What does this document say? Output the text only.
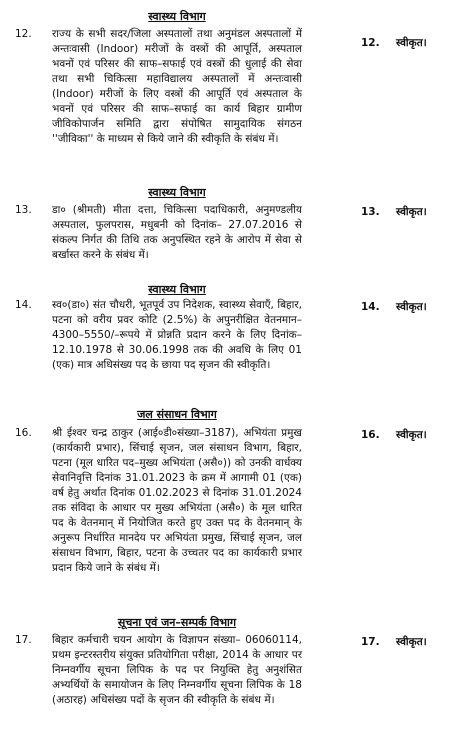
स्वास्थ्य विभाग
12. राज्य के सभी सदर/जिला अस्पतालों तथा अनुमंडल अस्पतालों में अन्तःवासी (Indoor) मरीजों के वस्त्रों की आपूर्ति, अस्पताल भवनों एवं परिसर की साफ–सफाई एवं वस्त्रों की धुलाई की सेवा तथा सभी चिकित्सा महाविद्यालय अस्पतालों में अन्तःवासी (Indoor) मरीजों के लिए वस्त्रों की आपूर्ति एवं अस्पताल के भवनों एवं परिसर की साफ–सफाई का कार्य बिहार ग्रामीण जीविकोपार्जन समिति द्वारा संपोषित सामुदायिक संगठन ''जीविका'' के माध्यम से किये जाने की स्वीकृति के संबंध में।
12. स्वीकृत।
स्वास्थ्य विभाग
13. डा० (श्रीमती) मीता दत्ता, चिकित्सा पदाधिकारी, अनुमण्डलीय अस्पताल, फुलपरास, मधुबनी को दिनांक– 27.07.2016 से संकल्प निर्गत की तिथि तक अनुपस्थित रहने के आरोप में सेवा से बर्खास्त करने के संबंध में।
13. स्वीकृत।
स्वास्थ्य विभाग
14. स्व०(डा०) संत चौधरी, भूतपूर्व उप निदेशक, स्वास्थ्य सेवाएँ, बिहार, पटना को वरीय प्रवर कोटि (2.5%) के अपुनरीक्षित वेतनमान– 4300–5550/–रूपये में प्रोन्नति प्रदान करने के लिए दिनांक–12.10.1978 से 30.06.1998 तक की अवधि के लिए 01 (एक) मात्र अधिसंख्य पद के छाया पद सृजन की स्वीकृति।
14. स्वीकृत।
जल संसाधन विभाग
16. श्री ईश्वर चन्द्र ठाकुर (आई०डी०संख्या–3187), अभियंता प्रमुख (कार्यकारी प्रभार), सिंचाई सृजन, जल संसाधन विभाग, बिहार, पटना (मूल धारित पद–मुख्य अभियंता (असै०)) को उनकी वार्धक्य सेवानिवृत्ति दिनांक 31.01.2023 के क्रम में आगामी 01 (एक) वर्ष हेतु अर्थात दिनांक 01.02.2023 से दिनांक 31.01.2024 तक संविदा के आधार पर मुख्य अभियंता (असै०) के मूल धारित पद के वेतनमान् में नियोजित करते हुए उक्त पद के वेतनमान् के अनुरूप निर्धारित मानदेय पर अभियंता प्रमुख, सिंचाई सृजन, जल संसाधन विभाग, बिहार, पटना के उच्चतर पद का कार्यकारी प्रभार प्रदान किये जाने के संबंध में।
16. स्वीकृत।
सूचना एवं जन–सम्पर्क विभाग
17. बिहार कर्मचारी चयन आयोग के विज्ञापन संख्या– 06060114, प्रथम इन्टरस्तरीय संयुक्त प्रतियोगिता परीक्षा, 2014 के आधार पर निम्नवर्गीय सूचना लिपिक के पद पर नियुक्ति हेतु अनुशंसित अभ्यर्थियों के समायोजन के लिए निम्नवर्गीय सूचना लिपिक के 18 (अठारह) अधिसंख्य पदों के सृजन की स्वीकृति के संबंध में।
17. स्वीकृत।
